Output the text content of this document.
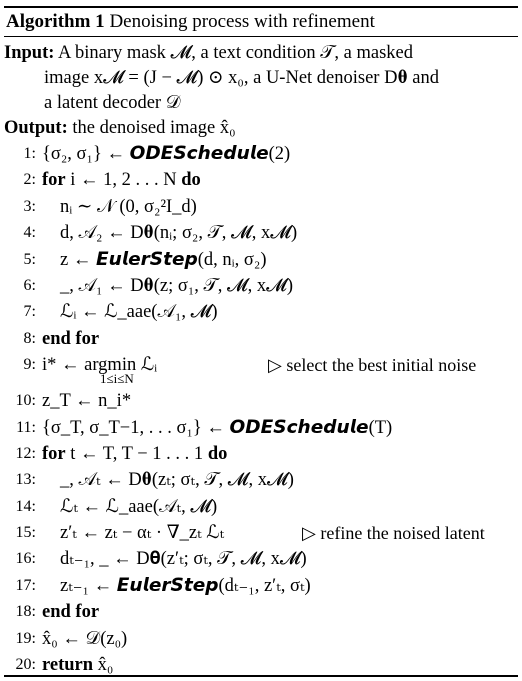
Algorithm 1 Denoising process with refinement
Input: A binary mask 𝓜, a text condition 𝒯, a masked
image x𝓜 = (J − 𝓜) ⊙ x₀, a U-Net denoiser D𝛉 and
a latent decoder 𝒟
Output: the denoised image x̂₀
1: {σ₂, σ₁} ← 𝙊𝘿𝙀𝙎𝙘𝙝𝙚𝙙𝙪𝙡𝙚(2)
2: for i ← 1, 2 . . . N do
3: nᵢ ∼ 𝒩 (0, σ₂²I_d)
4: d, 𝒜₂ ← D𝛉(nᵢ; σ₂, 𝒯, 𝓜, x𝓜)
5: z ← 𝙀𝙪𝙡𝙚𝙧𝙎𝙩𝙚𝙥(d, nᵢ, σ₂)
6: _, 𝒜₁ ← D𝛉(z; σ₁, 𝒯, 𝓜, x𝓜)
7: ℒᵢ ← ℒ_aae(𝒜₁, 𝓜)
8: end for
9: i* ← argmin ℒᵢ
1≤i≤N
▷ select the best initial noise
10: z_T ← n_i*
11: {σ_T, σ_T−1, . . . σ₁} ← 𝙊𝘿𝙀𝙎𝙘𝙝𝙚𝙙𝙪𝙡𝙚(T)
12: for t ← T, T − 1 . . . 1 do
13: _, 𝒜ₜ ← D𝛉(zₜ; σₜ, 𝒯, 𝓜, x𝓜)
14: ℒₜ ← ℒ_aae(𝒜ₜ, 𝓜)
15: z′ₜ ← zₜ − αₜ · ∇_zₜ ℒₜ	▷ refine the noised latent
16: dₜ₋₁, _ ← D𝛉(z′ₜ; σₜ, 𝒯, 𝓜, x𝓜)
17: zₜ₋₁ ← 𝙀𝙪𝙡𝙚𝙧𝙎𝙩𝙚𝙥(dₜ₋₁, z′ₜ, σₜ)
18: end for
19: x̂₀ ← 𝒟(z₀)
20: return x̂₀
